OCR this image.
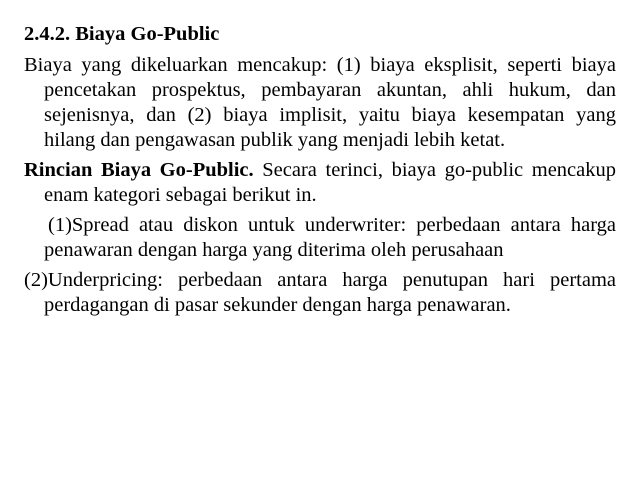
2.4.2. Biaya Go-Public

Biaya yang dikeluarkan mencakup: (1) biaya eksplisit, seperti biaya pencetakan prospektus, pembayaran akuntan, ahli hukum, dan sejenisnya, dan (2) biaya implisit, yaitu biaya kesempatan yang hilang dan pengawasan publik yang menjadi lebih ketat.

Rincian Biaya Go-Public. Secara terinci, biaya go-public mencakup enam kategori sebagai berikut in.

(1)Spread atau diskon untuk underwriter: perbedaan antara harga penawaran dengan harga yang diterima oleh perusahaan

(2)Underpricing: perbedaan antara harga penutupan hari pertama perdagangan di pasar sekunder dengan harga penawaran.
